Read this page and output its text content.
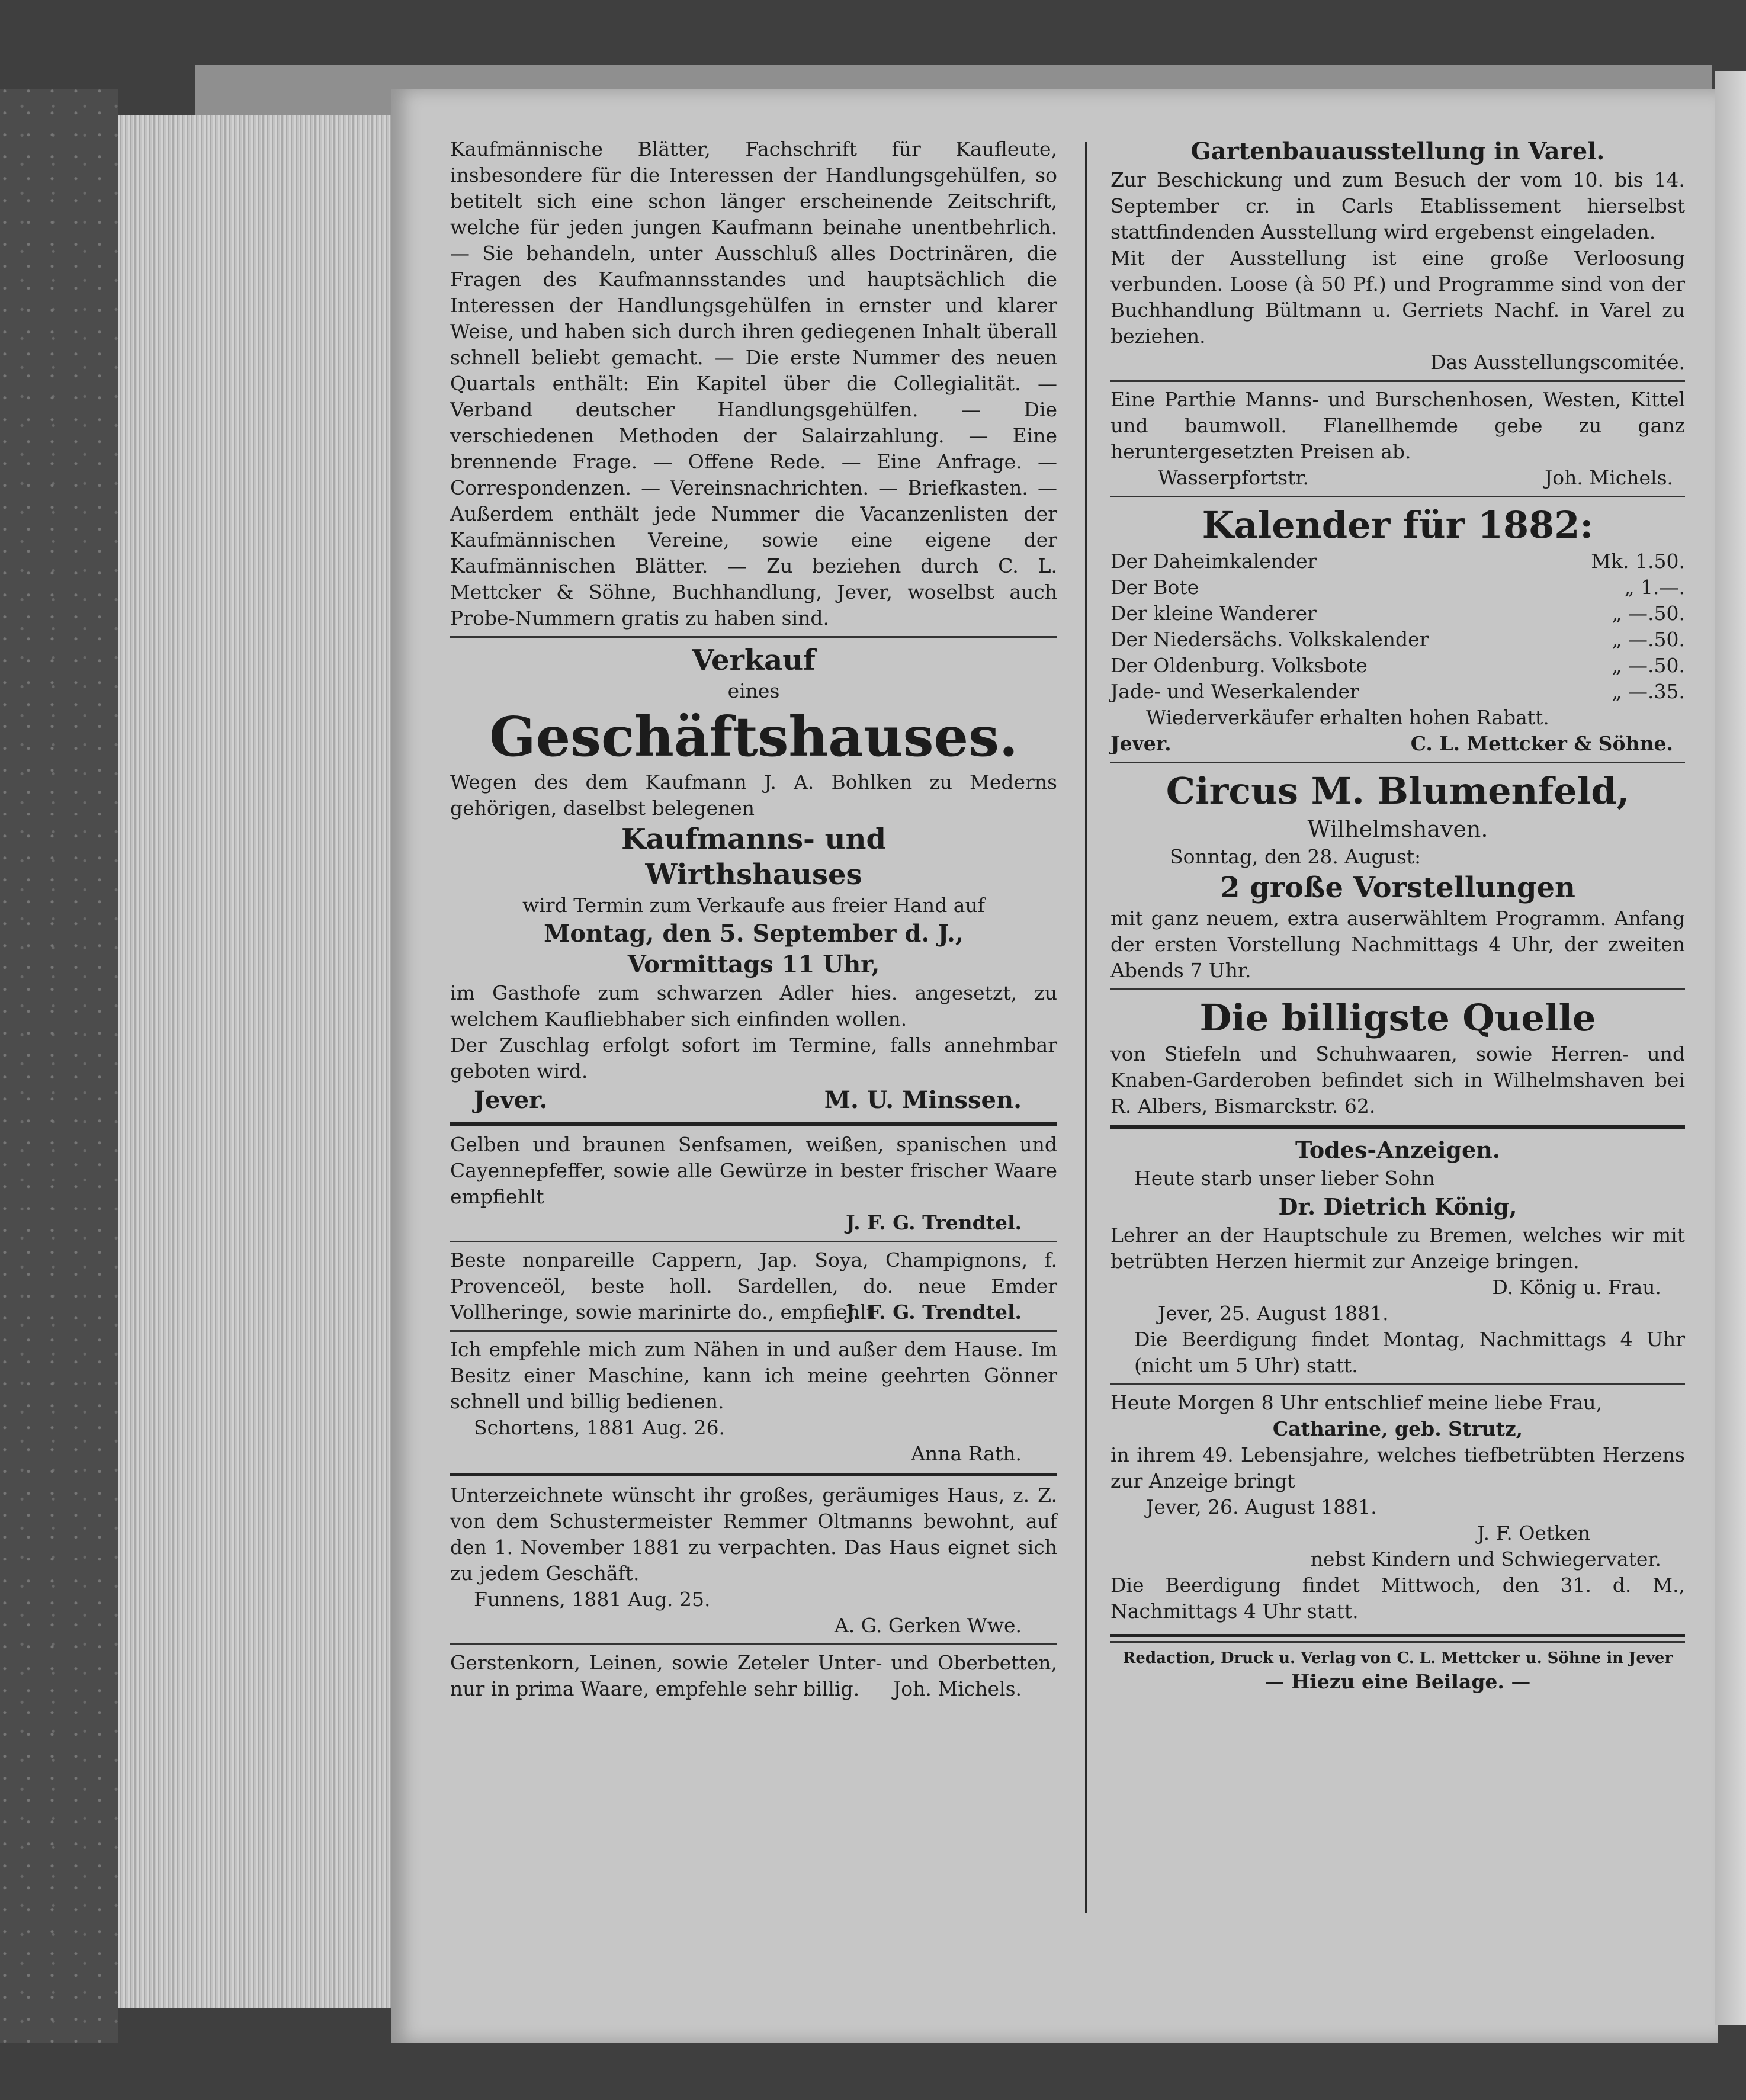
Kaufmännische Blätter, Fachschrift für Kaufleute, insbesondere für die Interessen der Handlungsgehülfen, so betitelt sich eine schon länger erscheinende Zeitschrift, welche für jeden jungen Kaufmann beinahe unentbehrlich. — Sie behandeln, unter Ausschluß alles Doctrinären, die Fragen des Kaufmannsstandes und hauptsächlich die Interessen der Handlungsgehülfen in ernster und klarer Weise, und haben sich durch ihren gediegenen Inhalt überall schnell beliebt gemacht. — Die erste Nummer des neuen Quartals enthält: Ein Kapitel über die Collegialität. — Verband deutscher Handlungsgehülfen. — Die verschiedenen Methoden der Salairzahlung. — Eine brennende Frage. — Offene Rede. — Eine Anfrage. — Correspondenzen. — Vereinsnachrichten. — Briefkasten. — Außerdem enthält jede Nummer die Vacanzenlisten der Kaufmännischen Vereine, sowie eine eigene der Kaufmännischen Blätter. — Zu beziehen durch C. L. Mettcker & Söhne, Buchhandlung, Jever, woselbst auch Probe-Nummern gratis zu haben sind.

Verkauf

eines

Geschäftshauses.

Wegen des dem Kaufmann J. A. Bohlken zu Mederns gehörigen, daselbst belegenen

Kaufmanns- und

Wirthshauses

wird Termin zum Verkaufe aus freier Hand auf

Montag, den 5. September d. J.,

Vormittags 11 Uhr,

im Gasthofe zum schwarzen Adler hies. angesetzt, zu welchem Kaufliebhaber sich einfinden wollen.

Der Zuschlag erfolgt sofort im Termine, falls annehmbar geboten wird.

Jever.	M. U. Minssen.

Gelben und braunen Senfsamen, weißen, spanischen und Cayennepfeffer, sowie alle Gewürze in bester frischer Waare empfiehlt

J. F. G. Trendtel.

Beste nonpareille Cappern, Jap. Soya, Champignons, f. Provenceöl, beste holl. Sardellen, do. neue Emder Vollheringe, sowie marinirte do., empfiehlt

J. F. G. Trendtel.

Ich empfehle mich zum Nähen in und außer dem Hause. Im Besitz einer Maschine, kann ich meine geehrten Gönner schnell und billig bedienen.

Schortens, 1881 Aug. 26.

Anna Rath.

Unterzeichnete wünscht ihr großes, geräumiges Haus, z. Z. von dem Schustermeister Remmer Oltmanns bewohnt, auf den 1. November 1881 zu verpachten. Das Haus eignet sich zu jedem Geschäft.

Funnens, 1881 Aug. 25.

A. G. Gerken Wwe.

Gerstenkorn, Leinen, sowie Zeteler Unter- und Oberbetten, nur in prima Waare, empfehle sehr billig.	Joh. Michels.

Gartenbauausstellung in Varel.

Zur Beschickung und zum Besuch der vom 10. bis 14. September cr. in Carls Etablissement hierselbst stattfindenden Ausstellung wird ergebenst eingeladen.

Mit der Ausstellung ist eine große Verloosung verbunden. Loose (à 50 Pf.) und Programme sind von der Buchhandlung Bültmann u. Gerriets Nachf. in Varel zu beziehen.

Das Ausstellungscomitée.

Eine Parthie Manns- und Burschenhosen, Westen, Kittel und baumwoll. Flanellhemde gebe zu ganz heruntergesetzten Preisen ab.

Wasserpfortstr.	Joh. Michels.

Kalender für 1882:

Der Daheimkalender	Mk. 1.50.
Der Bote	„ 1.—.
Der kleine Wanderer	„ —.50.
Der Niedersächs. Volkskalender	„ —.50.
Der Oldenburg. Volksbote	„ —.50.
Jade- und Weserkalender	„ —.35.

Wiederverkäufer erhalten hohen Rabatt.

Jever.	C. L. Mettcker & Söhne.

Circus M. Blumenfeld,

Wilhelmshaven.

Sonntag, den 28. August:

2 große Vorstellungen

mit ganz neuem, extra auserwähltem Programm. Anfang der ersten Vorstellung Nachmittags 4 Uhr, der zweiten Abends 7 Uhr.

Die billigste Quelle

von Stiefeln und Schuhwaaren, sowie Herren- und Knaben-Garderoben befindet sich in Wilhelmshaven bei R. Albers, Bismarckstr. 62.

Todes-Anzeigen.

Heute starb unser lieber Sohn

Dr. Dietrich König,

Lehrer an der Hauptschule zu Bremen, welches wir mit betrübten Herzen hiermit zur Anzeige bringen.

D. König u. Frau.

Jever, 25. August 1881.

Die Beerdigung findet Montag, Nachmittags 4 Uhr (nicht um 5 Uhr) statt.

Heute Morgen 8 Uhr entschlief meine liebe Frau,

Catharine, geb. Strutz,

in ihrem 49. Lebensjahre, welches tiefbetrübten Herzens zur Anzeige bringt

Jever, 26. August 1881.

J. F. Oetken

nebst Kindern und Schwiegervater.

Die Beerdigung findet Mittwoch, den 31. d. M., Nachmittags 4 Uhr statt.

Redaction, Druck u. Verlag von C. L. Mettcker u. Söhne in Jever

— Hiezu eine Beilage. —
